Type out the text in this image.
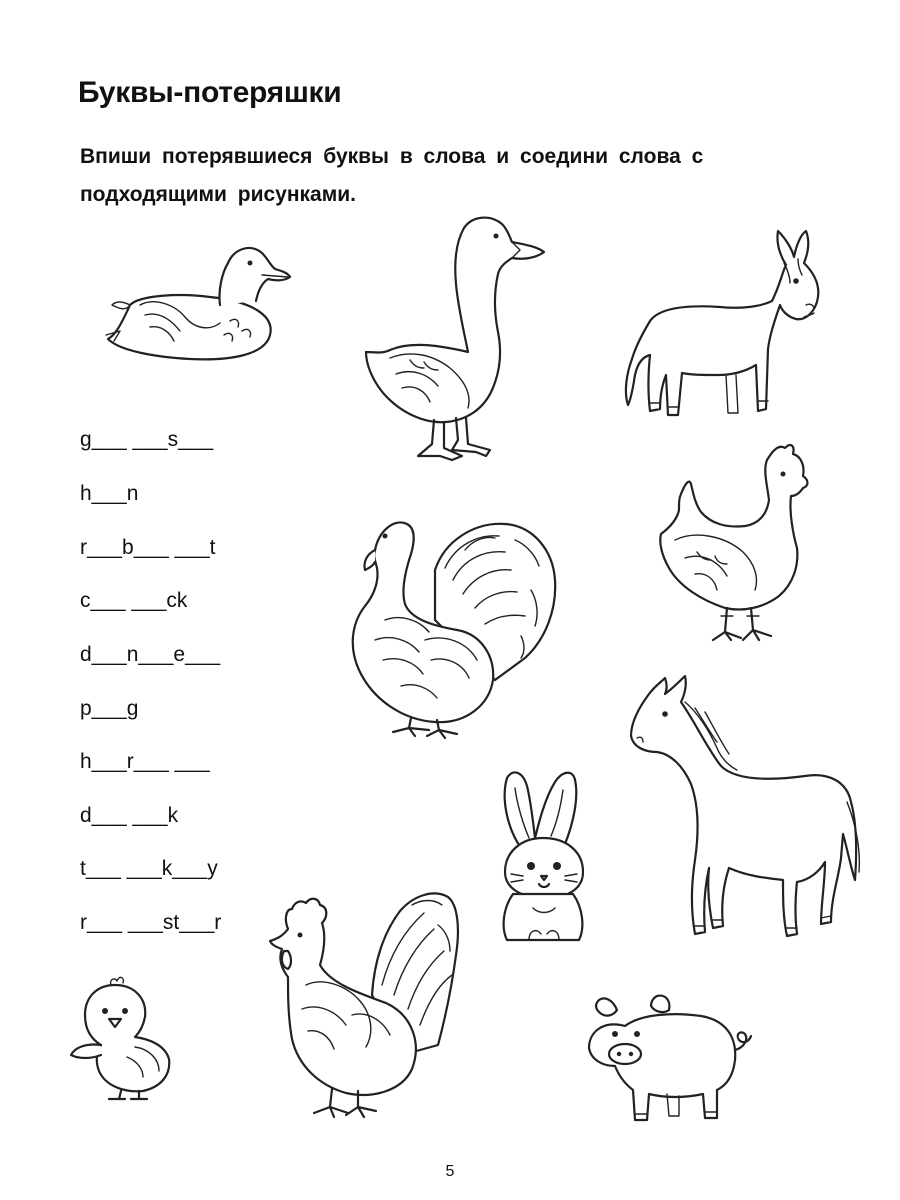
Буквы-потеряшки
Впиши потерявшиеся буквы в слова и соедини слова с подходящими рисунками.
g___ ___s___
h___n
r___b___ ___t
c___ ___ck
d___n___e___
p___g
h___r___ ___
d___ ___k
t___ ___k___y
r___ ___st___r
5
